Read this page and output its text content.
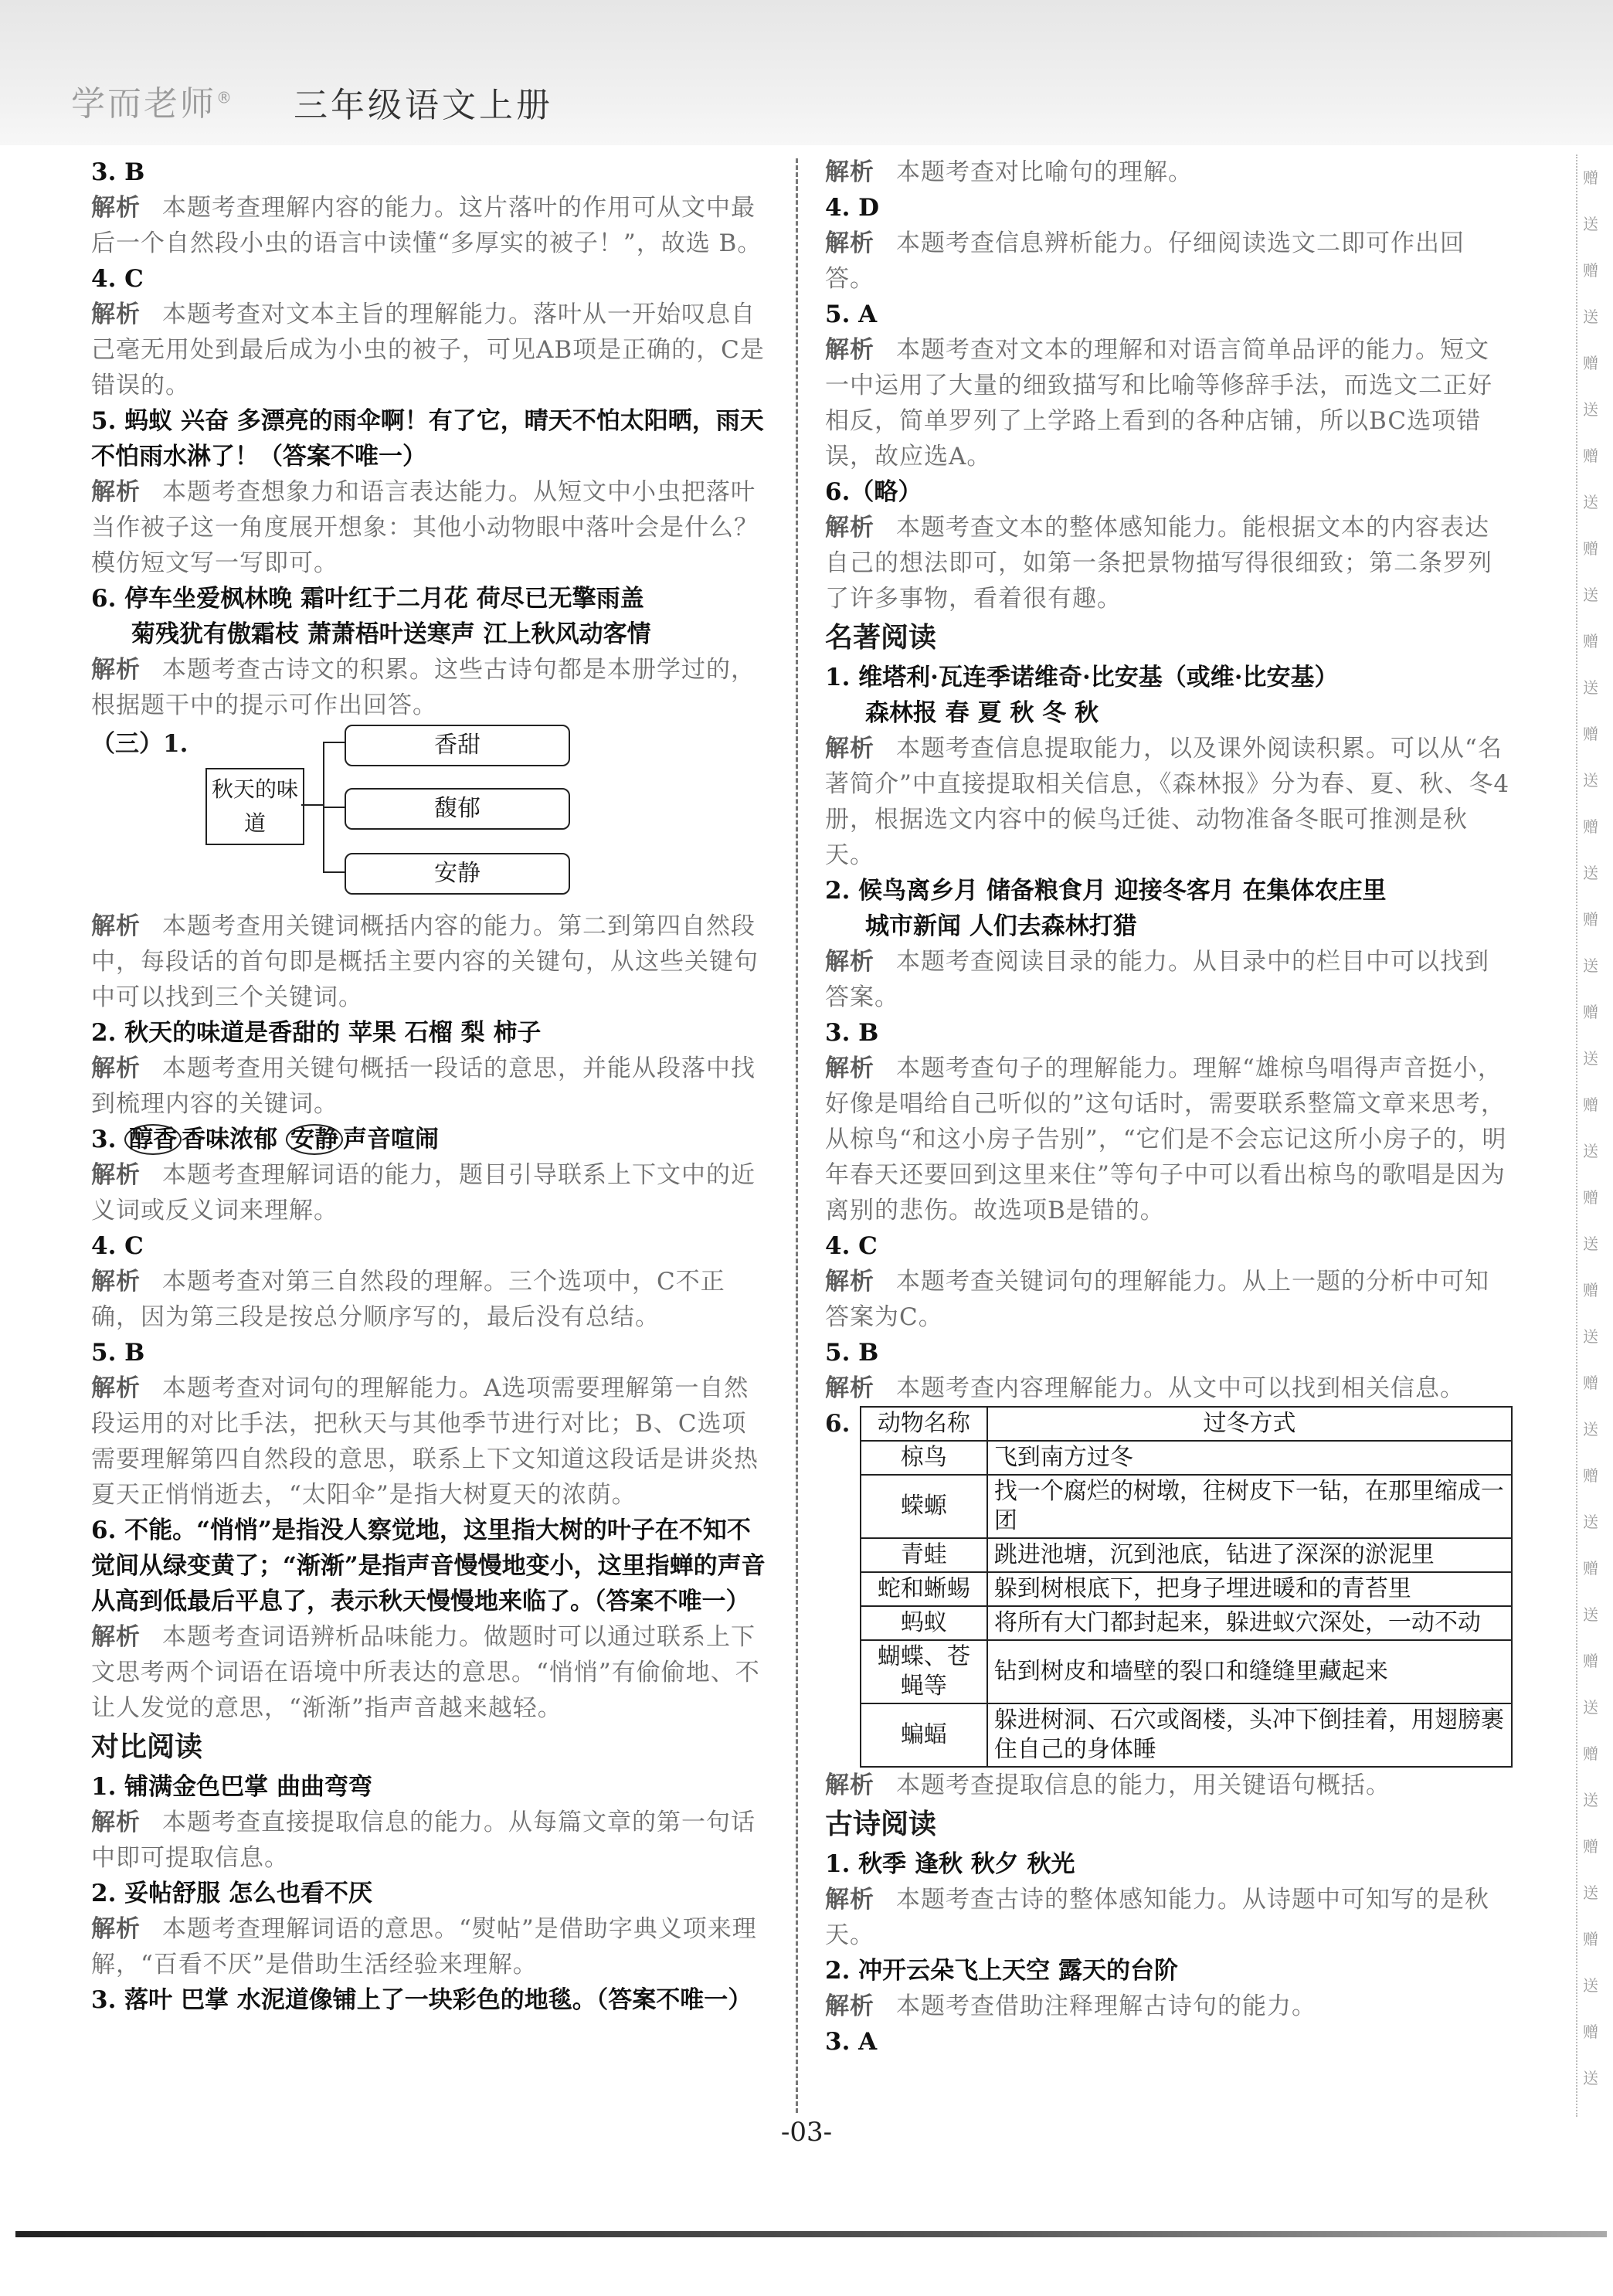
学而老师® 三年级语文上册

3. B

解析 本题考查理解内容的能力。这片落叶的作用可从文中最后一个自然段小虫的语言中读懂“多厚实的被子！”，故选 B。

4. C

解析 本题考查对文本主旨的理解能力。落叶从一开始叹息自己毫无用处到最后成为小虫的被子，可见AB项是正确的，C是错误的。

5. 蚂蚁 兴奋 多漂亮的雨伞啊！有了它，晴天不怕太阳晒，雨天不怕雨水淋了！（答案不唯一）

解析 本题考查想象力和语言表达能力。从短文中小虫把落叶当作被子这一角度展开想象：其他小动物眼中落叶会是什么？模仿短文写一写即可。

6. 停车坐爱枫林晚 霜叶红于二月花 荷尽已无擎雨盖

菊残犹有傲霜枝 萧萧梧叶送寒声 江上秋风动客情

解析 本题考查古诗文的积累。这些古诗句都是本册学过的，根据题干中的提示可作出回答。

（三）1.
秋天的味道
香甜
馥郁
安静

解析 本题考查用关键词概括内容的能力。第二到第四自然段中，每段话的首句即是概括主要内容的关键句，从这些关键句中可以找到三个关键词。

2. 秋天的味道是香甜的 苹果 石榴 梨 柿子

解析 本题考查用关键句概括一段话的意思，并能从段落中找到梳理内容的关键词。

3. 醇香 香味浓郁 安静 声音喧闹

解析 本题考查理解词语的能力，题目引导联系上下文中的近义词或反义词来理解。

4. C

解析 本题考查对第三自然段的理解。三个选项中，C不正确，因为第三段是按总分顺序写的，最后没有总结。

5. B

解析 本题考查对词句的理解能力。A选项需要理解第一自然段运用的对比手法，把秋天与其他季节进行对比；B、C选项需要理解第四自然段的意思，联系上下文知道这段话是讲炎热夏天正悄悄逝去，“太阳伞”是指大树夏天的浓荫。

6. 不能。“悄悄”是指没人察觉地，这里指大树的叶子在不知不觉间从绿变黄了；“渐渐”是指声音慢慢地变小，这里指蝉的声音从高到低最后平息了，表示秋天慢慢地来临了。（答案不唯一）

解析 本题考查词语辨析品味能力。做题时可以通过联系上下文思考两个词语在语境中所表达的意思。“悄悄”有偷偷地、不让人发觉的意思，“渐渐”指声音越来越轻。

对比阅读

1. 铺满金色巴掌 曲曲弯弯

解析 本题考查直接提取信息的能力。从每篇文章的第一句话中即可提取信息。

2. 妥帖舒服 怎么也看不厌

解析 本题考查理解词语的意思。“熨帖”是借助字典义项来理解，“百看不厌”是借助生活经验来理解。

3. 落叶 巴掌 水泥道像铺上了一块彩色的地毯。（答案不唯一）

解析 本题考查对比喻句的理解。

4. D

解析 本题考查信息辨析能力。仔细阅读选文二即可作出回答。

5. A

解析 本题考查对文本的理解和对语言简单品评的能力。短文一中运用了大量的细致描写和比喻等修辞手法，而选文二正好相反，简单罗列了上学路上看到的各种店铺，所以BC选项错误，故应选A。

6.（略）

解析 本题考查文本的整体感知能力。能根据文本的内容表达自己的想法即可，如第一条把景物描写得很细致；第二条罗列了许多事物，看着很有趣。

名著阅读

1. 维塔利·瓦连季诺维奇·比安基（或维·比安基）

森林报 春 夏 秋 冬 秋

解析 本题考查信息提取能力，以及课外阅读积累。可以从“名著简介”中直接提取相关信息，《森林报》分为春、夏、秋、冬4册，根据选文内容中的候鸟迁徙、动物准备冬眠可推测是秋天。

2. 候鸟离乡月 储备粮食月 迎接冬客月 在集体农庄里

城市新闻 人们去森林打猎

解析 本题考查阅读目录的能力。从目录中的栏目中可以找到答案。

3. B

解析 本题考查句子的理解能力。理解“雄椋鸟唱得声音挺小，好像是唱给自己听似的”这句话时，需要联系整篇文章来思考，从椋鸟“和这小房子告别”，“它们是不会忘记这所小房子的，明年春天还要回到这里来住”等句子中可以看出椋鸟的歌唱是因为离别的悲伤。故选项B是错的。

4. C

解析 本题考查关键词句的理解能力。从上一题的分析中可知答案为C。

5. B

解析 本题考查内容理解能力。从文中可以找到相关信息。

6.	动物名称	过冬方式
椋鸟	飞到南方过冬
蝾螈	找一个腐烂的树墩，往树皮下一钻，在那里缩成一团
青蛙	跳进池塘，沉到池底，钻进了深深的淤泥里
蛇和蜥蜴	躲到树根底下，把身子埋进暖和的青苔里
蚂蚁	将所有大门都封起来，躲进蚁穴深处，一动不动
蝴蝶、苍蝇等	钻到树皮和墙壁的裂口和缝缝里藏起来
蝙蝠	躲进树洞、石穴或阁楼，头冲下倒挂着，用翅膀裹住自己的身体睡

解析 本题考查提取信息的能力，用关键语句概括。

古诗阅读

1. 秋季 逢秋 秋夕 秋光

解析 本题考查古诗的整体感知能力。从诗题中可知写的是秋天。

2. 冲开云朵飞上天空 露天的台阶

解析 本题考查借助注释理解古诗句的能力。

3. A

赠
送
赠
送
赠
送
赠
送
赠
送
赠
送
赠
送
赠
送
赠
送
赠
送
赠
送
赠
送
赠
送
赠
送
赠
送
赠
送
赠
送
赠
送
赠
送
赠
送
赠
送
-03-
